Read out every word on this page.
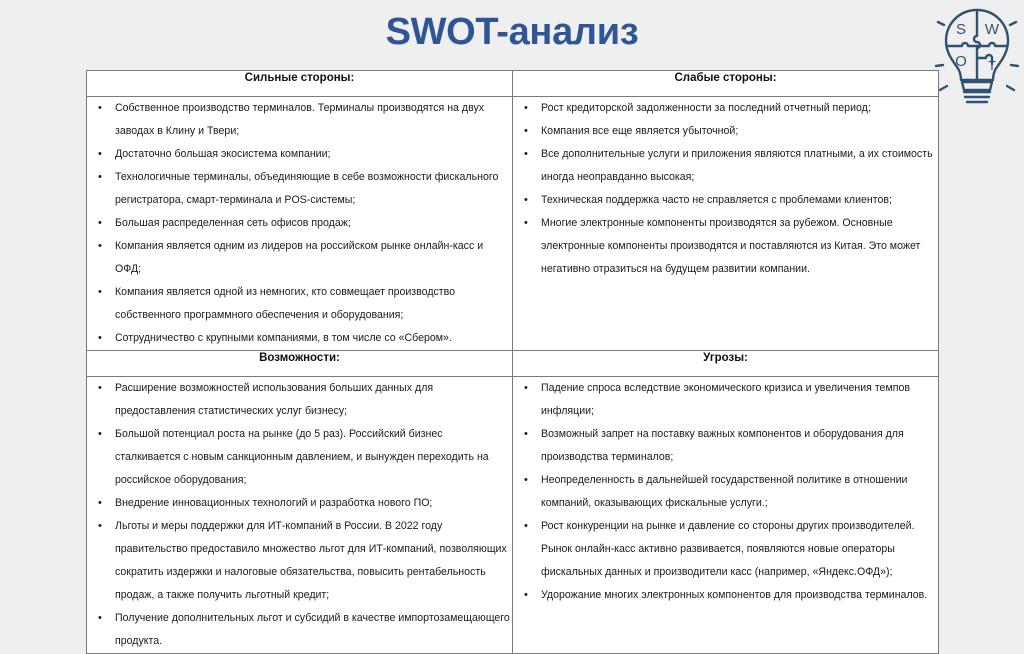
SWOT-анализ	S W
O T
Сильные стороны:	Слабые стороны:

• Собственное производство терминалов. Терминалы производятся на двух заводах в Клину и Твери;
• Достаточно большая экосистема компании;
• Технологичные терминалы, объединяющие в себе возможности фискального регистратора, смарт-терминала и POS-системы;
• Большая распределенная сеть офисов продаж;
• Компания является одним из лидеров на российском рынке онлайн-касс и ОФД;
• Компания является одной из немногих, кто совмещает производство собственного программного обеспечения и оборудования;
• Сотрудничество с крупными компаниями, в том числе со «Сбером».

• Рост кредиторской задолженности за последний отчетный период;
• Компания все еще является убыточной;
• Все дополнительные услуги и приложения являются платными, а их стоимость иногда неоправданно высокая;
• Техническая поддержка часто не справляется с проблемами клиентов;
• Многие электронные компоненты производятся за рубежом. Основные электронные компоненты производятся и поставляются из Китая. Это может негативно отразиться на будущем развитии компании.

Возможности:	Угрозы:

• Расширение возможностей использования больших данных для предоставления статистических услуг бизнесу;
• Большой потенциал роста на рынке (до 5 раз). Российский бизнес сталкивается с новым санкционным давлением, и вынужден переходить на российское оборудования;
• Внедрение инновационных технологий и разработка нового ПО;
• Льготы и меры поддержки для ИТ-компаний в России. В 2022 году правительство предоставило множество льгот для ИТ-компаний, позволяющих сократить издержки и налоговые обязательства, повысить рентабельность продаж, а также получить льготный кредит;
• Получение дополнительных льгот и субсидий в качестве импортозамещающего продукта.

• Падение спроса вследствие экономического кризиса и увеличения темпов инфляции;
• Возможный запрет на поставку важных компонентов и оборудования для производства терминалов;
• Неопределенность в дальнейшей государственной политике в отношении компаний, оказывающих фискальные услуги.;
• Рост конкуренции на рынке и давление со стороны других производителей. Рынок онлайн-касс активно развивается, появляются новые операторы фискальных данных и производители касс (например, «Яндекс.ОФД»);
• Удорожание многих электронных компонентов для производства терминалов.
